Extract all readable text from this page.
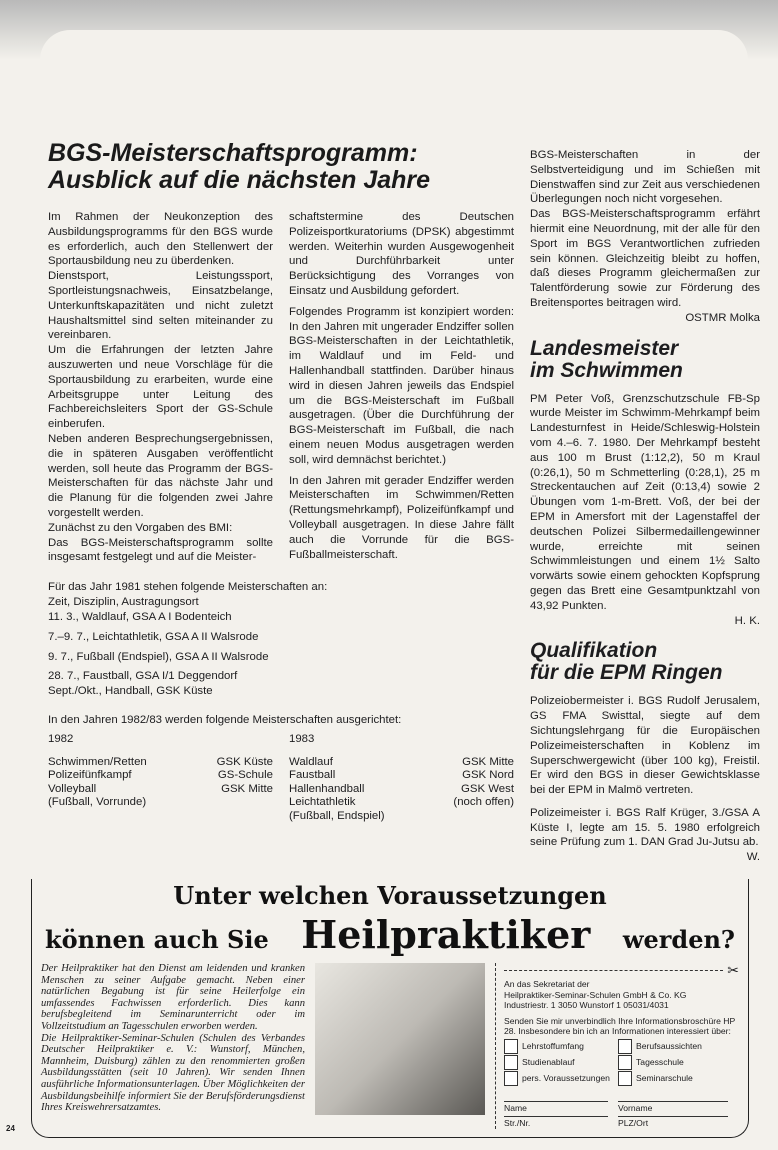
BGS-Meisterschaftsprogramm:
Ausblick auf die nächsten Jahre

Im Rahmen der Neukonzeption des Ausbildungsprogramms für den BGS wurde es erforderlich, auch den Stellenwert der Sportausbildung neu zu überdenken.

Dienstsport, Leistungssport, Sportleistungsnachweis, Einsatzbelange, Unterkunftskapazitäten und nicht zuletzt Haushaltsmittel sind selten miteinander zu vereinbaren.

Um die Erfahrungen der letzten Jahre auszuwerten und neue Vorschläge für die Sportausbildung zu erarbeiten, wurde eine Arbeitsgruppe unter Leitung des Fachbereichsleiters Sport der GS-Schule einberufen.

Neben anderen Besprechungsergebnissen, die in späteren Ausgaben veröffentlicht werden, soll heute das Programm der BGS-Meisterschaften für das nächste Jahr und die Planung für die folgenden zwei Jahre vorgestellt werden.

Zunächst zu den Vorgaben des BMI:

Das BGS-Meisterschaftsprogramm sollte insgesamt festgelegt und auf die Meister-

schaftstermine des Deutschen Polizeisportkuratoriums (DPSK) abgestimmt werden. Weiterhin wurden Ausgewogenheit und Durchführbarkeit unter Berücksichtigung des Vorranges von Einsatz und Ausbildung gefordert.

Folgendes Programm ist konzipiert worden: In den Jahren mit ungerader Endziffer sollen BGS-Meisterschaften in der Leichtathletik, im Waldlauf und im Feld- und Hallenhandball stattfinden. Darüber hinaus wird in diesen Jahren jeweils das Endspiel um die BGS-Meisterschaft im Fußball ausgetragen. (Über die Durchführung der BGS-Meisterschaft im Fußball, die nach einem neuen Modus ausgetragen werden soll, wird demnächst berichtet.)

In den Jahren mit gerader Endziffer werden Meisterschaften im Schwimmen/Retten (Rettungsmehrkampf), Polizeifünfkampf und Volleyball ausgetragen. In diese Jahre fällt auch die Vorrunde für die BGS-Fußballmeisterschaft.

Für das Jahr 1981 stehen folgende Meisterschaften an:
Zeit, Disziplin, Austragungsort
11. 3., Waldlauf, GSA A I Bodenteich
7.–9. 7., Leichtathletik, GSA A II Walsrode
9. 7., Fußball (Endspiel), GSA A II Walsrode
28. 7., Faustball, GSA I/1 Deggendorf
Sept./Okt., Handball, GSK Küste
In den Jahren 1982/83 werden folgende Meisterschaften ausgerichtet:
1982
Schwimmen/Retten	GSK Küste
Polizeifünfkampf	GS-Schule
Volleyball	GSK Mitte
(Fußball, Vorrunde)	
1983
Waldlauf	GSK Mitte
Faustball	GSK Nord
Hallenhandball	GSK West
Leichtathletik	(noch offen)
(Fußball, Endspiel)	

BGS-Meisterschaften in der Selbstverteidigung und im Schießen mit Dienstwaffen sind zur Zeit aus verschiedenen Überlegungen noch nicht vorgesehen.

Das BGS-Meisterschaftsprogramm erfährt hiermit eine Neuordnung, mit der alle für den Sport im BGS Verantwortlichen zufrieden sein können. Gleichzeitig bleibt zu hoffen, daß dieses Programm gleichermaßen zur Talentförderung sowie zur Förderung des Breitensportes beitragen wird.

OSTMR Molka
Landesmeister
im Schwimmen

PM Peter Voß, Grenzschutzschule FB-Sp wurde Meister im Schwimm-Mehrkampf beim Landesturnfest in Heide/Schleswig-Holstein vom 4.–6. 7. 1980. Der Mehrkampf besteht aus 100 m Brust (1:12,2), 50 m Kraul (0:26,1), 50 m Schmetterling (0:28,1), 25 m Streckentauchen auf Zeit (0:13,4) sowie 2 Übungen vom 1-m-Brett. Voß, der bei der EPM in Amersfort mit der Lagenstaffel der deutschen Polizei Silbermedaillengewinner wurde, erreichte mit seinen Schwimmleistungen und einem 1½ Salto vorwärts sowie einem gehockten Kopfsprung gegen das Brett eine Gesamtpunktzahl von 43,92 Punkten.

H. K.
Qualifikation
für die EPM Ringen

Polizeiobermeister i. BGS Rudolf Jerusalem, GS FMA Swisttal, siegte auf dem Sichtungslehrgang für die Europäischen Polizeimeisterschaften in Koblenz im Superschwergewicht (über 100 kg), Freistil. Er wird den BGS in dieser Gewichtsklasse bei der EPM in Malmö vertreten.

Polizeimeister i. BGS Ralf Krüger, 3./GSA A Küste I, legte am 15. 5. 1980 erfolgreich seine Prüfung zum 1. DAN Grad Ju-Jutsu ab.

W.
Unter welchen Voraussetzungen
können auch Sie Heilpraktiker werden?
Der Heilpraktiker hat den Dienst am leidenden und kranken Menschen zu seiner Aufgabe gemacht. Neben einer natürlichen Begabung ist für seine Heilerfolge ein umfassendes Fachwissen erforderlich. Dies kann berufsbegleitend im Seminarunterricht oder im Vollzeitstudium an Tagesschulen erworben werden.
Die Heilpraktiker-Seminar-Schulen (Schulen des Verbandes Deutscher Heilpraktiker e. V.: Wunstorf, München, Mannheim, Duisburg) zählen zu den renommierten großen Ausbildungsstätten (seit 10 Jahren). Wir senden Ihnen ausführliche Informationsunterlagen. Über Möglichkeiten der Ausbildungsbeihilfe informiert Sie der Berufsförderungsdienst Ihres Kreiswehrersatzamtes.
✂
An das Sekretariat der
Heilpraktiker-Seminar-Schulen GmbH & Co. KG
Industriestr. 1 3050 Wunstorf 1 05031/4031
Senden Sie mir unverbindlich Ihre Informationsbroschüre HP 28. Insbesondere bin ich an Informationen interessiert über:
Lehrstoffumfang
Studienablauf
pers. Voraussetzungen
Berufsaussichten
Tagesschule
Seminarschule
Name	Vorname
Str./Nr.	PLZ/Ort
24
